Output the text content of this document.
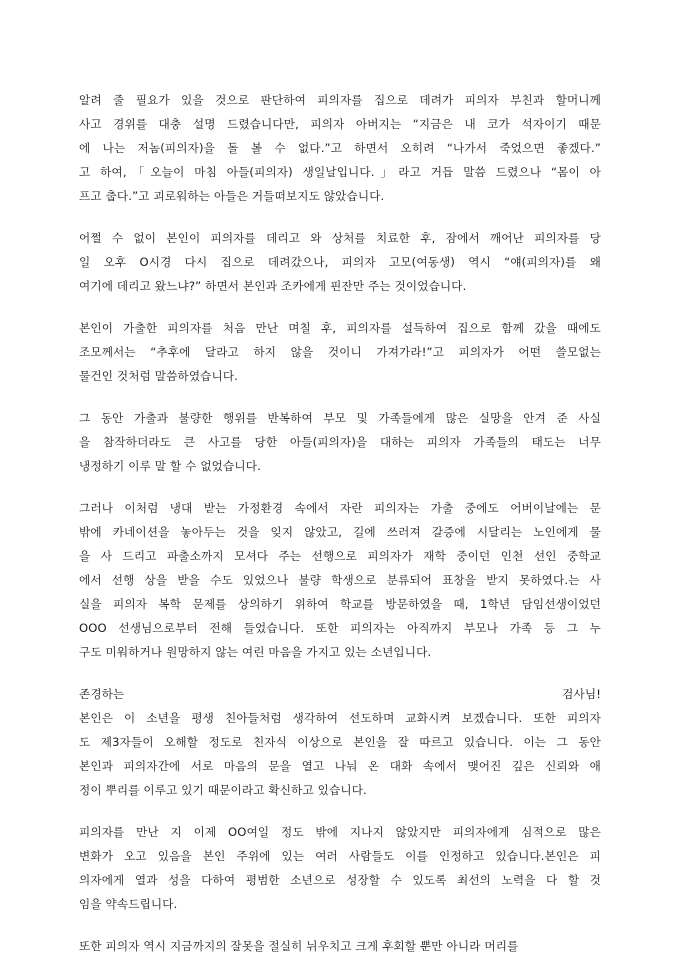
알려 줄 필요가 있을 것으로 판단하여 피의자를 집으로 데려가 피의자 부친과 할머니께
사고 경위를 대충 설명 드렸습니다만, 피의자 아버지는 “지금은 내 코가 석자이기 때문
에 나는 저놈(피의자)을 돌 볼 수 없다.”고 하면서 오히려 “나가서 죽었으면 좋겠다.”
고 하여,「오늘이 마침 아들(피의자) 생일날입니다.」라고 거듭 말씀 드렸으나 “몸이 아
프고 춥다.”고 괴로워하는 아들은 거들떠보지도 않았습니다.
어쩔 수 없이 본인이 피의자를 데리고 와 상처를 치료한 후, 잠에서 깨어난 피의자를 당
일 오후 O시경 다시 집으로 데려갔으나, 피의자 고모(여동생) 역시 “얘(피의자)를 왜
여기에 데리고 왔느냐?” 하면서 본인과 조카에게 핀잔만 주는 것이었습니다.
본인이 가출한 피의자를 처음 만난 며칠 후, 피의자를 설득하여 집으로 함께 갔을 때에도
조모께서는 “추후에 달라고 하지 않을 것이니 가져가라!”고 피의자가 어떤 쓸모없는
물건인 것처럼 말씀하였습니다.
그 동안 가출과 불량한 행위를 반복하여 부모 및 가족들에게 많은 실망을 안겨 준 사실
을 참작하더라도 큰 사고를 당한 아들(피의자)을 대하는 피의자 가족들의 태도는 너무
냉정하기 이루 말 할 수 없었습니다.
그러나 이처럼 냉대 받는 가정환경 속에서 자란 피의자는 가출 중에도 어버이날에는 문
밖에 카네이션을 놓아두는 것을 잊지 않았고, 길에 쓰러져 갈증에 시달리는 노인에게 물
을 사 드리고 파출소까지 모셔다 주는 선행으로 피의자가 재학 중이던 인천 선인 중학교
에서 선행 상을 받을 수도 있었으나 불량 학생으로 분류되어 표창을 받지 못하였다.는 사
실을 피의자 복학 문제를 상의하기 위하여 학교를 방문하였을 때, 1학년 담임선생이었던
OOO 선생님으로부터 전해 들었습니다. 또한 피의자는 아직까지 부모나 가족 등 그 누
구도 미워하거나 원망하지 않는 여린 마음을 가지고 있는 소년입니다.
존경하는 검사님!
본인은 이 소년을 평생 친아들처럼 생각하여 선도하며 교화시켜 보겠습니다. 또한 피의자
도 제3자들이 오해할 정도로 친자식 이상으로 본인을 잘 따르고 있습니다. 이는 그 동안
본인과 피의자간에 서로 마음의 문을 열고 나눠 온 대화 속에서 맺어진 깊은 신뢰와 애
정이 뿌리를 이루고 있기 때문이라고 확신하고 있습니다.
피의자를 만난 지 이제 OO여일 정도 밖에 지나지 않았지만 피의자에게 심적으로 많은
변화가 오고 있음을 본인 주위에 있는 여러 사람들도 이를 인정하고 있습니다.본인은 피
의자에게 열과 성을 다하여 평범한 소년으로 성장할 수 있도록 최선의 노력을 다 할 것
임을 약속드립니다.
또한 피의자 역시 지금까지의 잘못을 절실히 뉘우치고 크게 후회할 뿐만 아니라 머리를
